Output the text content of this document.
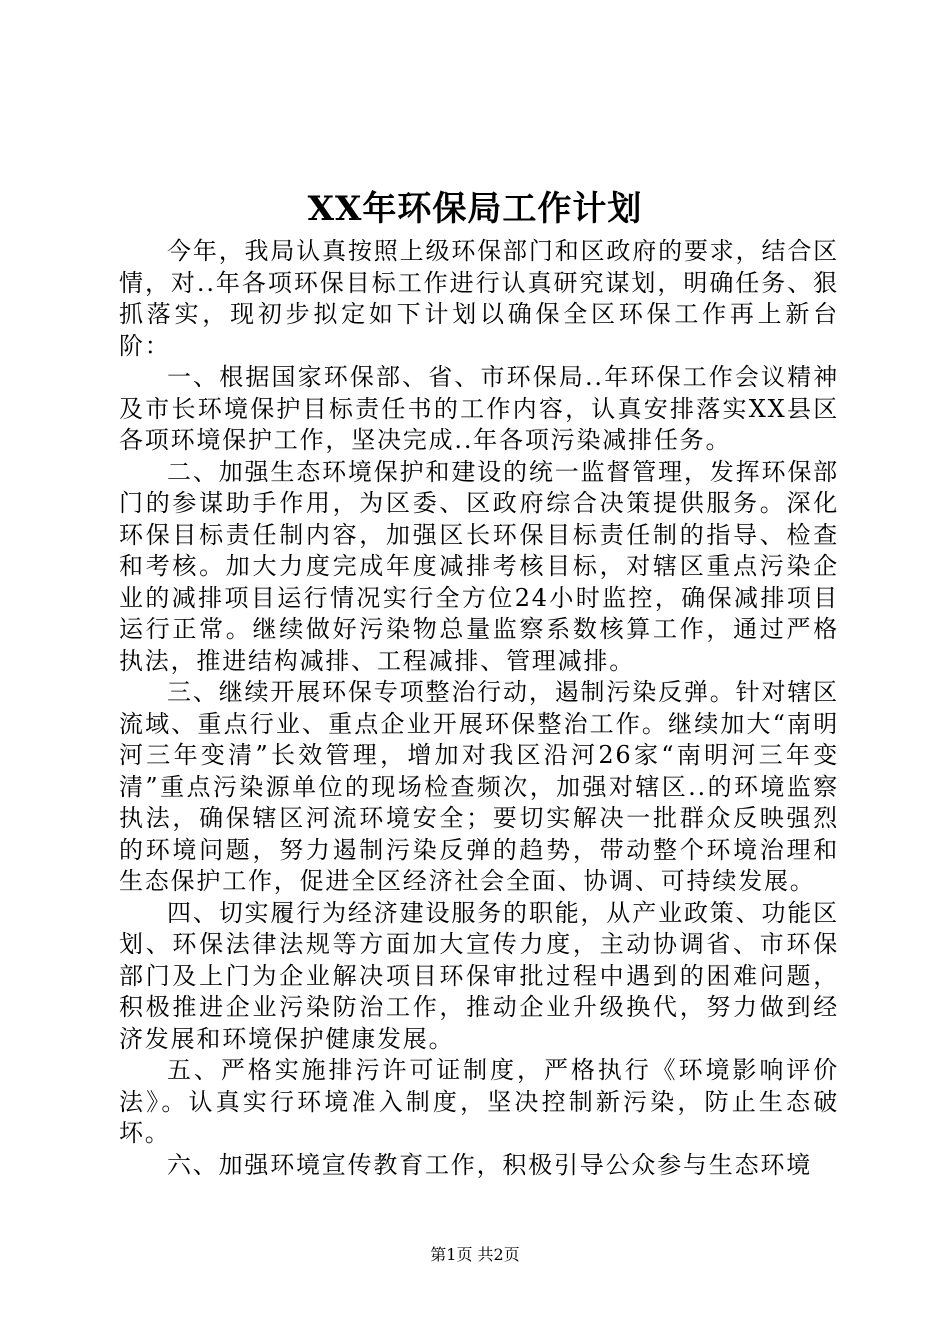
XX年环保局工作计划

今年，我局认真按照上级环保部门和区政府的要求，结合区情，对..年各项环保目标工作进行认真研究谋划，明确任务、狠抓落实，现初步拟定如下计划以确保全区环保工作再上新台阶：

一、根据国家环保部、省、市环保局..年环保工作会议精神及市长环境保护目标责任书的工作内容，认真安排落实XX县区各项环境保护工作，坚决完成..年各项污染减排任务。

二、加强生态环境保护和建设的统一监督管理，发挥环保部门的参谋助手作用，为区委、区政府综合决策提供服务。深化环保目标责任制内容，加强区长环保目标责任制的指导、检查和考核。加大力度完成年度减排考核目标，对辖区重点污染企业的减排项目运行情况实行全方位24小时监控，确保减排项目运行正常。继续做好污染物总量监察系数核算工作，通过严格执法，推进结构减排、工程减排、管理减排。

三、继续开展环保专项整治行动，遏制污染反弹。针对辖区流域、重点行业、重点企业开展环保整治工作。继续加大“南明河三年变清”长效管理，增加对我区沿河26家“南明河三年变清”重点污染源单位的现场检查频次，加强对辖区..的环境监察执法，确保辖区河流环境安全；要切实解决一批群众反映强烈的环境问题，努力遏制污染反弹的趋势，带动整个环境治理和生态保护工作，促进全区经济社会全面、协调、可持续发展。

四、切实履行为经济建设服务的职能，从产业政策、功能区划、环保法律法规等方面加大宣传力度，主动协调省、市环保部门及上门为企业解决项目环保审批过程中遇到的困难问题，积极推进企业污染防治工作，推动企业升级换代，努力做到经济发展和环境保护健康发展。

五、严格实施排污许可证制度，严格执行《环境影响评价法》。认真实行环境准入制度，坚决控制新污染，防止生态破坏。

六、加强环境宣传教育工作，积极引导公众参与生态环境

第1页 共2页
